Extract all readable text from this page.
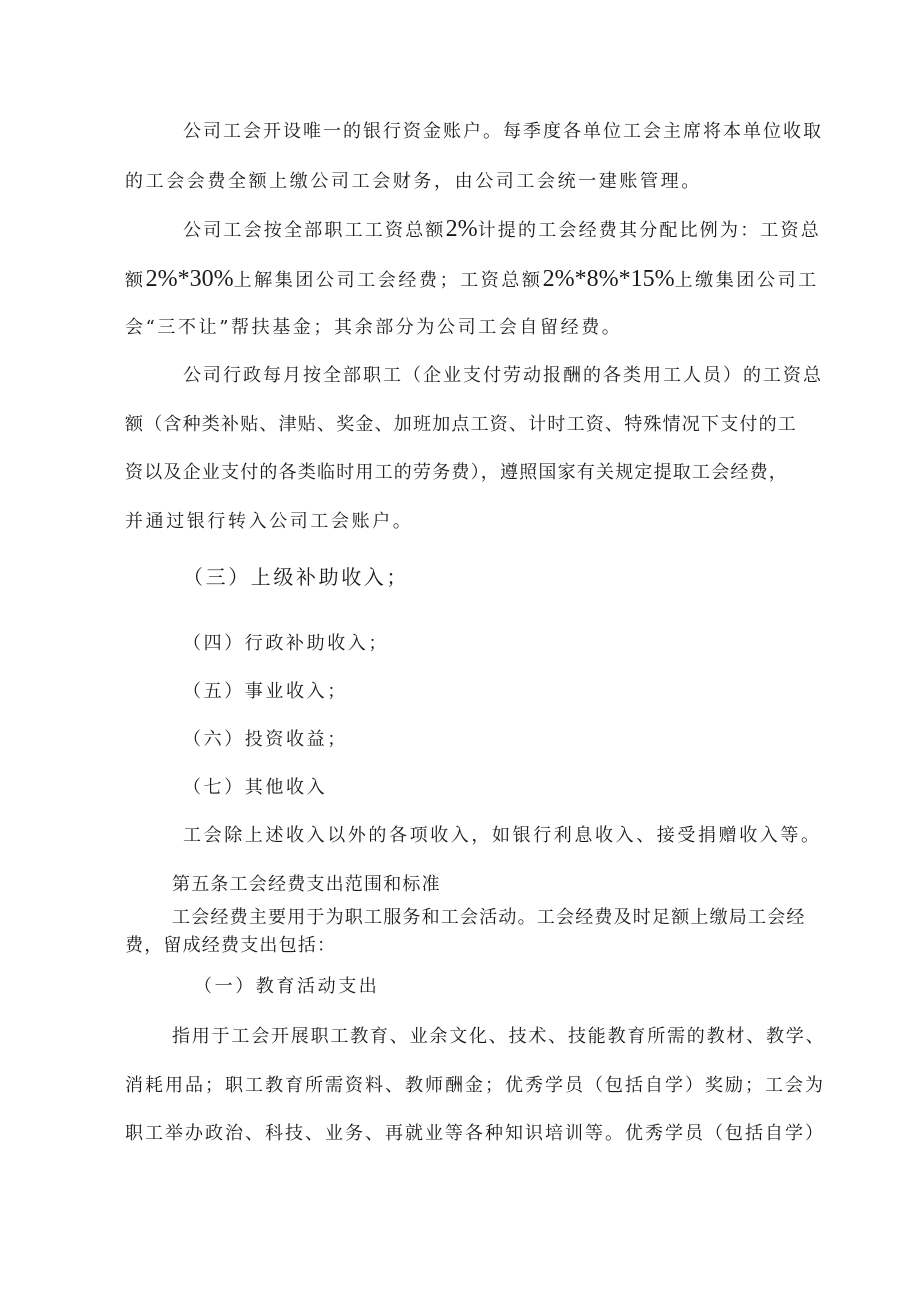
公司工会开设唯一的银行资金账户。每季度各单位工会主席将本单位收取
的工会会费全额上缴公司工会财务，由公司工会统一建账管理。
公司工会按全部职工工资总额2%计提的工会经费其分配比例为：工资总
额2%*30%上解集团公司工会经费；工资总额2%*8%*15%上缴集团公司工
会“三不让”帮扶基金；其余部分为公司工会自留经费。
公司行政每月按全部职工（企业支付劳动报酬的各类用工人员）的工资总
额（含种类补贴、津贴、奖金、加班加点工资、计时工资、特殊情况下支付的工
资以及企业支付的各类临时用工的劳务费），遵照国家有关规定提取工会经费，
并通过银行转入公司工会账户。
（三）上级补助收入；
（四）行政补助收入；
（五）事业收入；
（六）投资收益；
（七）其他收入
工会除上述收入以外的各项收入，如银行利息收入、接受捐赠收入等。
第五条工会经费支出范围和标准
工会经费主要用于为职工服务和工会活动。工会经费及时足额上缴局工会经
费，留成经费支出包括：
（一）教育活动支出
指用于工会开展职工教育、业余文化、技术、技能教育所需的教材、教学、
消耗用品；职工教育所需资料、教师酬金；优秀学员（包括自学）奖励；工会为
职工举办政治、科技、业务、再就业等各种知识培训等。优秀学员（包括自学）
